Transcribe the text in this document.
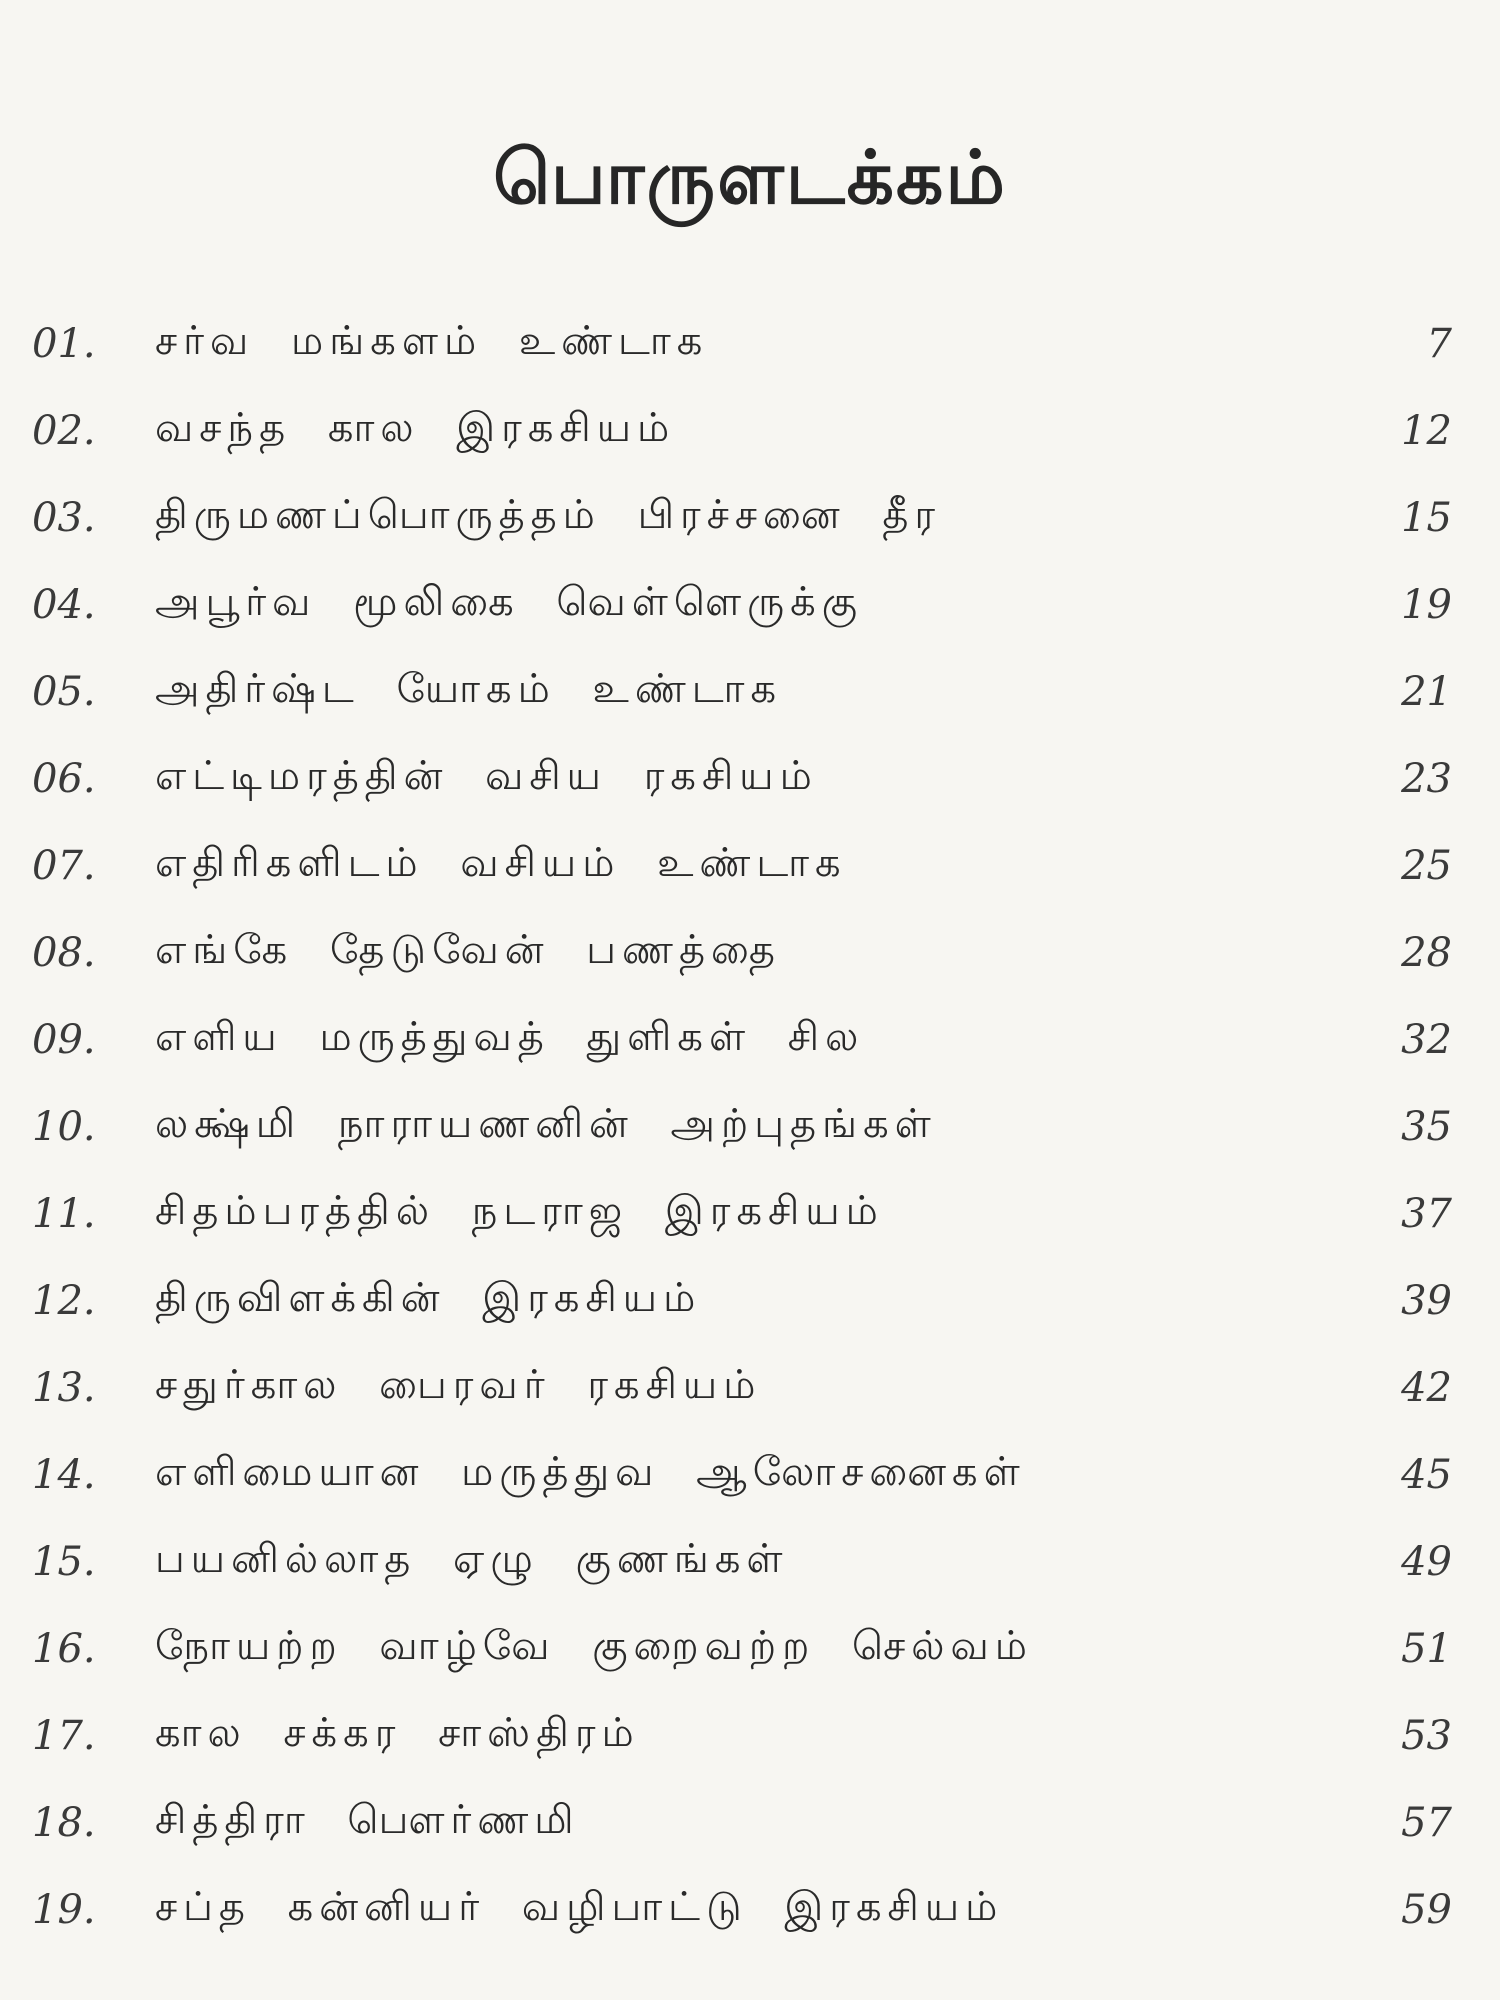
பொருளடக்கம்
01.	சர்வ மங்களம் உண்டாக	7
02.	வசந்த கால இரகசியம்	12
03.	திருமணப்பொருத்தம் பிரச்சனை தீர	15
04.	அபூர்வ மூலிகை வெள்ளெருக்கு	19
05.	அதிர்ஷ்ட யோகம் உண்டாக	21
06.	எட்டிமரத்தின் வசிய ரகசியம்	23
07.	எதிரிகளிடம் வசியம் உண்டாக	25
08.	எங்கே தேடுவேன் பணத்தை	28
09.	எளிய மருத்துவத் துளிகள் சில	32
10.	லக்ஷ்மி நாராயணனின் அற்புதங்கள்	35
11.	சிதம்பரத்தில் நடராஜ இரகசியம்	37
12.	திருவிளக்கின் இரகசியம்	39
13.	சதுர்கால பைரவர் ரகசியம்	42
14.	எளிமையான மருத்துவ ஆலோசனைகள்	45
15.	பயனில்லாத ஏழு குணங்கள்	49
16.	நோயற்ற வாழ்வே குறைவற்ற செல்வம்	51
17.	கால சக்கர சாஸ்திரம்	53
18.	சித்திரா பௌர்ணமி	57
19.	சப்த கன்னியர் வழிபாட்டு இரகசியம்	59
